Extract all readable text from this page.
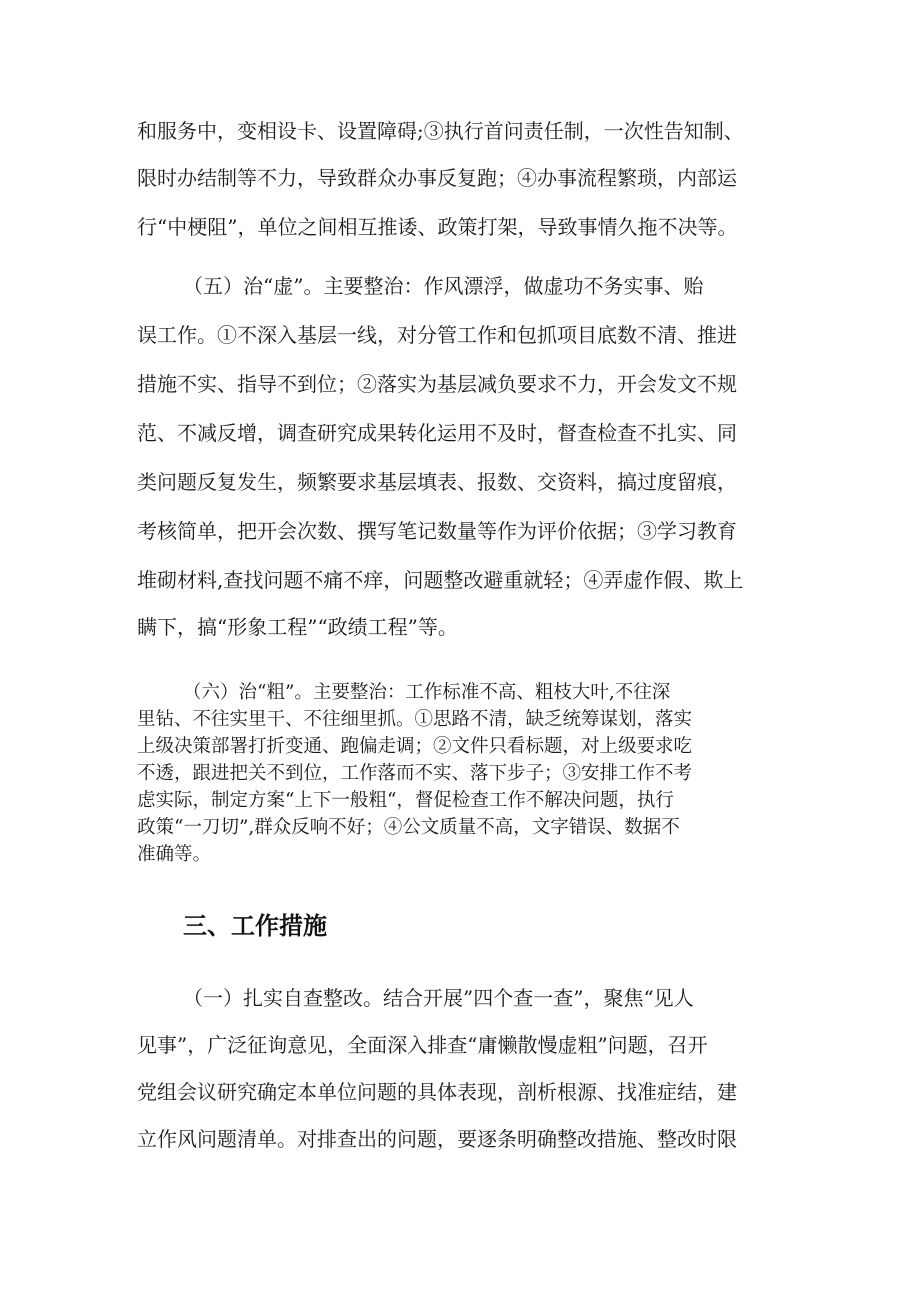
和服务中，变相设卡、设置障碍;③执行首问责任制，一次性告知制、
限时办结制等不力，导致群众办事反复跑；④办事流程繁琐，内部运
行“中梗阻”，单位之间相互推诿、政策打架，导致事情久拖不决等。
（五）治“虚”。主要整治：作风漂浮，做虚功不务实事、贻
误工作。①不深入基层一线，对分管工作和包抓项目底数不清、推进
措施不实、指导不到位；②落实为基层减负要求不力，开会发文不规
范、不减反增，调查研究成果转化运用不及时，督查检查不扎实、同
类问题反复发生，频繁要求基层填表、报数、交资料，搞过度留痕，
考核简单，把开会次数、撰写笔记数量等作为评价依据；③学习教育
堆砌材料,查找问题不痛不痒，问题整改避重就轻；④弄虚作假、欺上
瞒下，搞“形象工程”“政绩工程”等。
（六）治“粗”。主要整治：工作标准不高、粗枝大叶,不往深
里钻、不往实里干、不往细里抓。①思路不清，缺乏统筹谋划，落实
上级决策部署打折变通、跑偏走调；②文件只看标题，对上级要求吃
不透，跟进把关不到位，工作落而不实、落下步子；③安排工作不考
虑实际，制定方案“上下一般粗“，督促检查工作不解决问题，执行
政策“一刀切”,群众反响不好；④公文质量不高，文字错误、数据不
准确等。
三、工作措施
（一）扎实自查整改。结合开展”四个查一查”，聚焦“见人
见事”，广泛征询意见，全面深入排查“庸懒散慢虚粗”问题，召开
党组会议研究确定本单位问题的具体表现，剖析根源、找准症结，建
立作风问题清单。对排查出的问题，要逐条明确整改措施、整改时限
